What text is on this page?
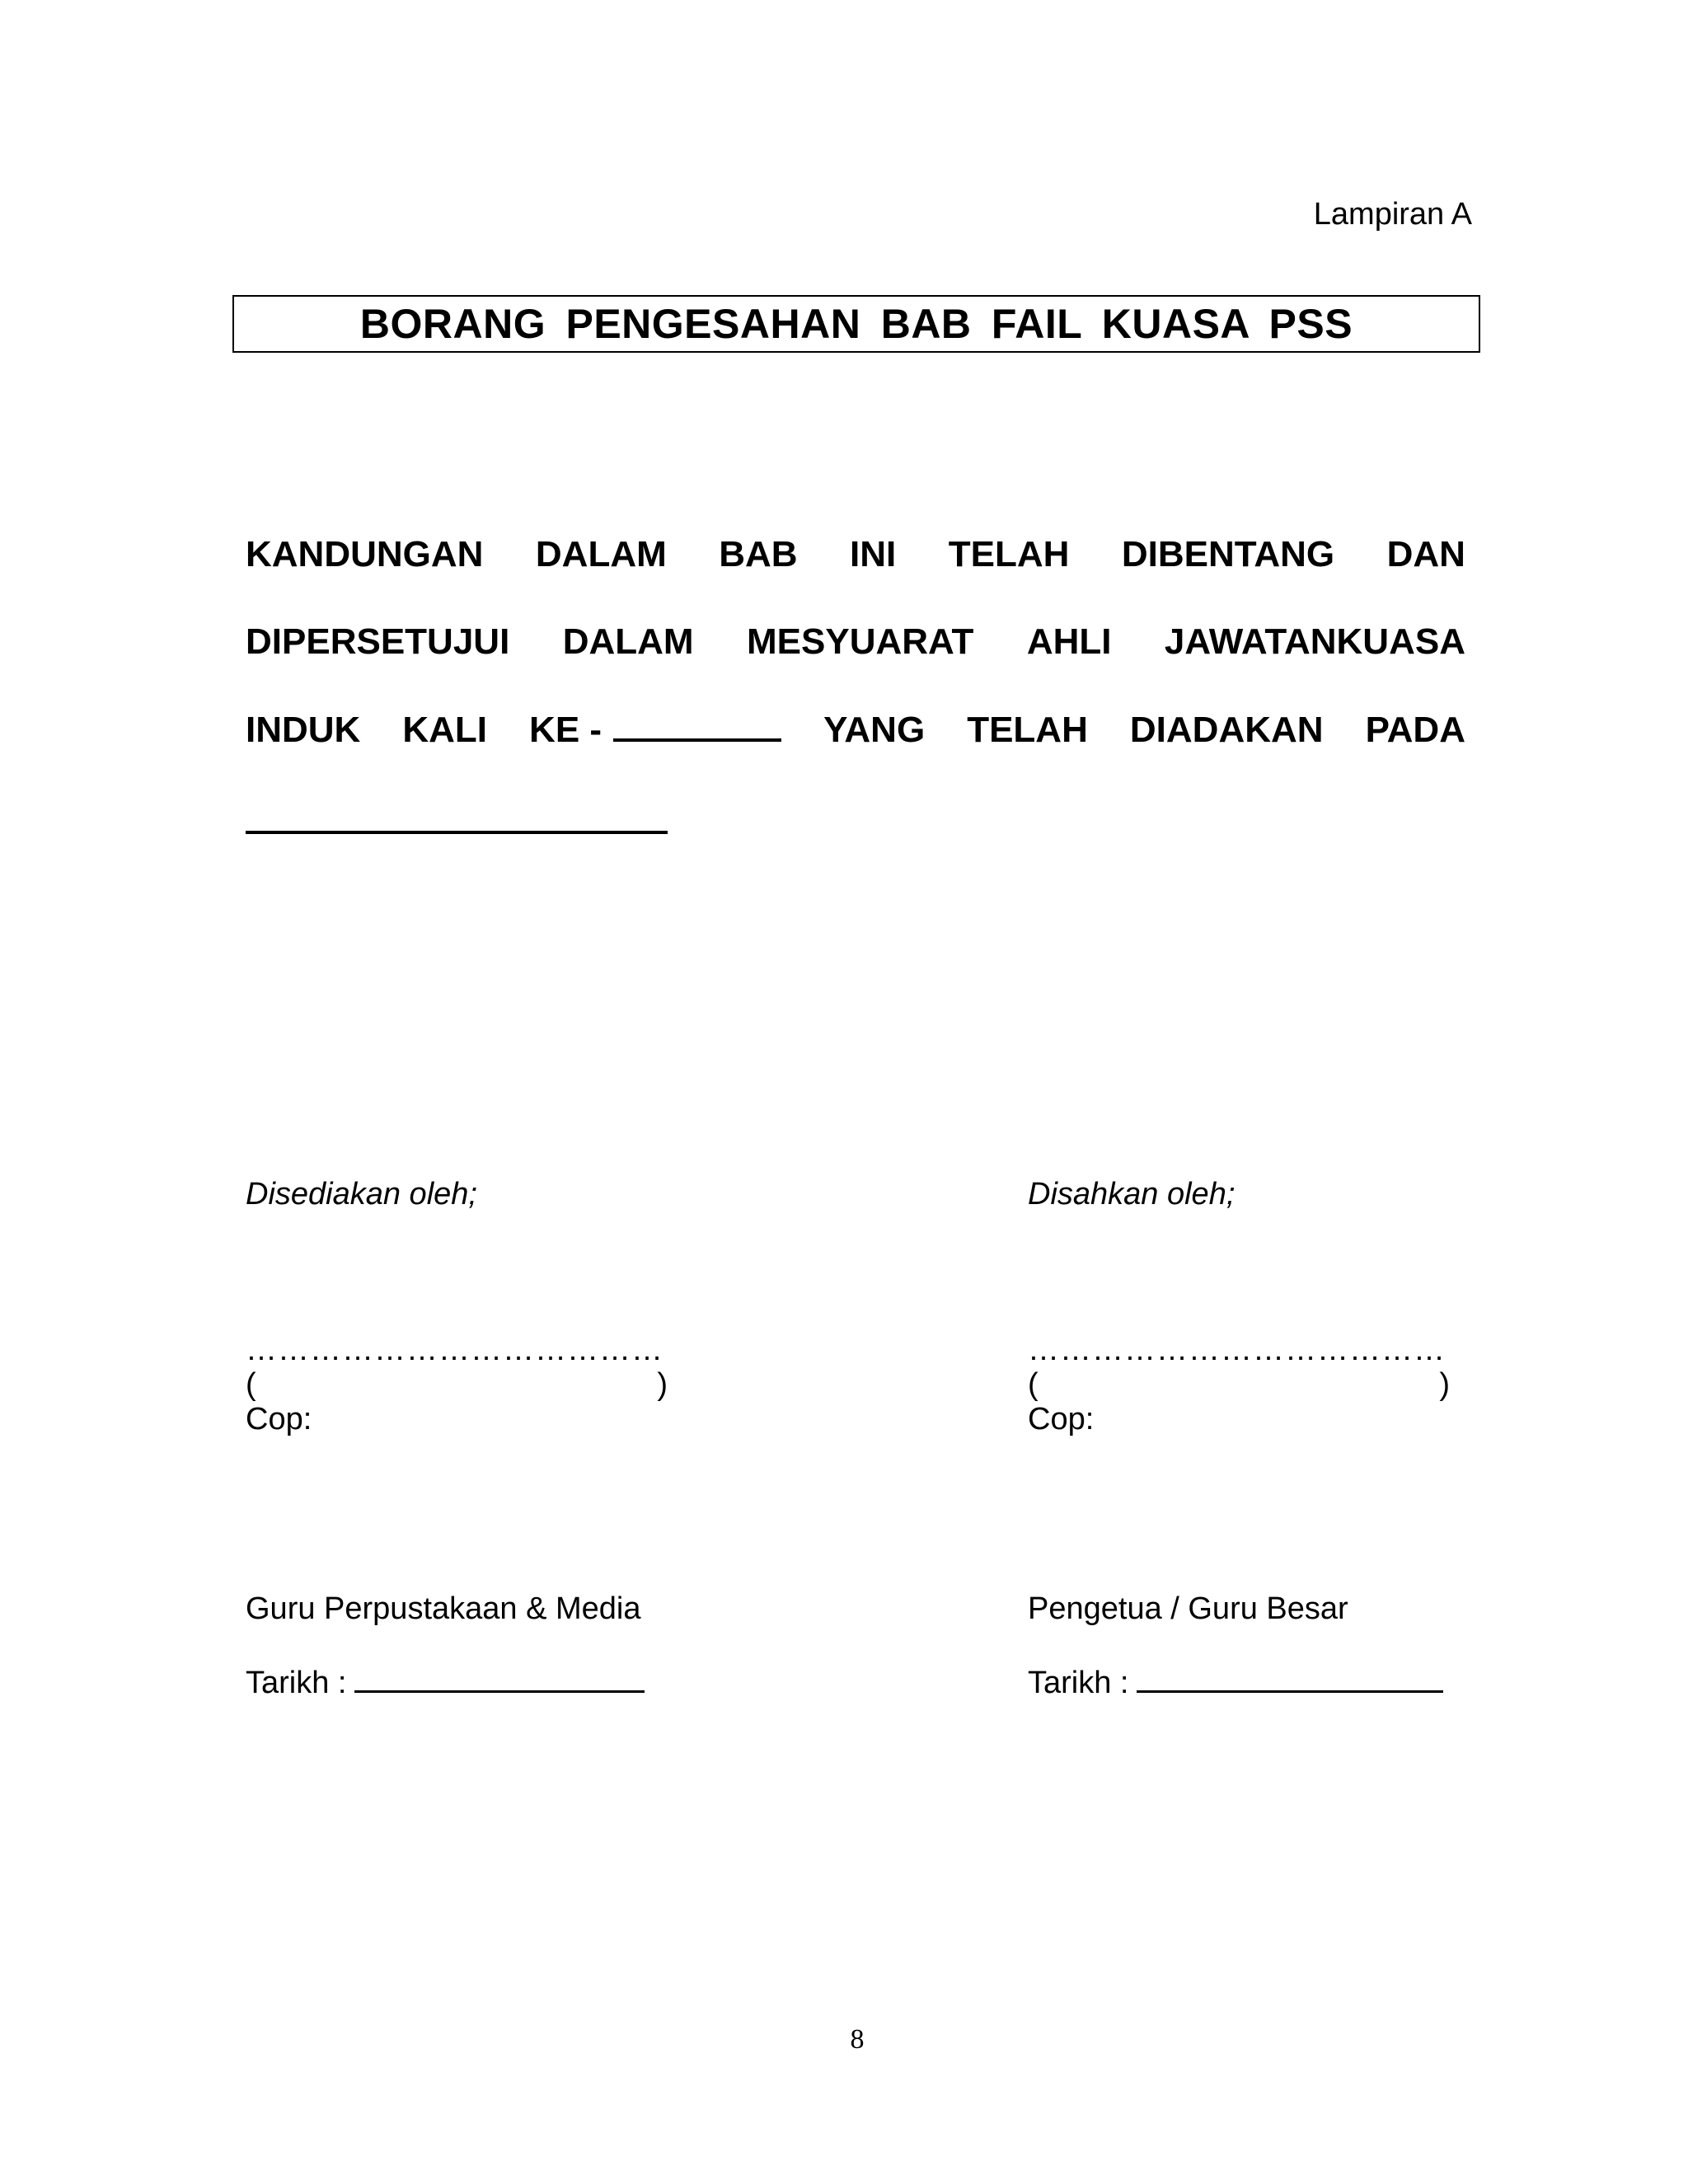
Lampiran A
BORANG PENGESAHAN BAB FAIL KUASA PSS
KANDUNGAN DALAM BAB INI TELAH DIBENTANG DAN
DIPERSETUJUI DALAM MESYUARAT AHLI JAWATANKUASA
INDUK KALI KE -	YANG TELAH DIADAKAN PADA
Disediakan oleh;
…………………………………
(	)
Cop:
Guru Perpustakaan & Media
Tarikh :
Disahkan oleh;
…………………………………
(	)
Cop:
Pengetua / Guru Besar
Tarikh :
8
